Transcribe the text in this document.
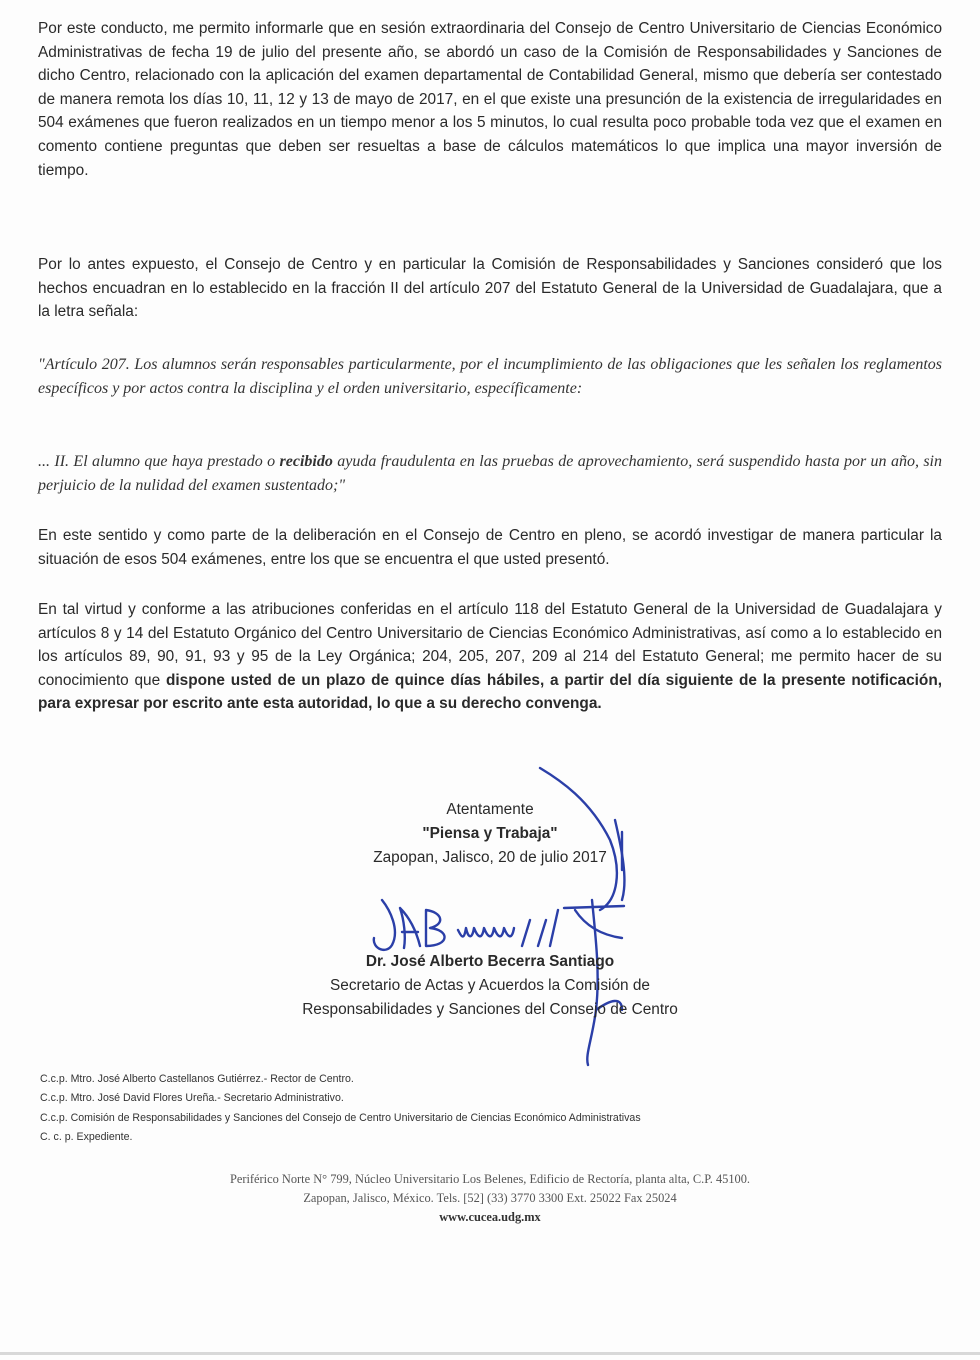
Por este conducto, me permito informarle que en sesión extraordinaria del Consejo de Centro Universitario de Ciencias Económico Administrativas de fecha 19 de julio del presente año, se abordó un caso de la Comisión de Responsabilidades y Sanciones de dicho Centro, relacionado con la aplicación del examen departamental de Contabilidad General, mismo que debería ser contestado de manera remota los días 10, 11, 12 y 13 de mayo de 2017, en el que existe una presunción de la existencia de irregularidades en 504 exámenes que fueron realizados en un tiempo menor a los 5 minutos, lo cual resulta poco probable toda vez que el examen en comento contiene preguntas que deben ser resueltas a base de cálculos matemáticos lo que implica una mayor inversión de tiempo.

Por lo antes expuesto, el Consejo de Centro y en particular la Comisión de Responsabilidades y Sanciones consideró que los hechos encuadran en lo establecido en la fracción II del artículo 207 del Estatuto General de la Universidad de Guadalajara, que a la letra señala:

"Artículo 207. Los alumnos serán responsables particularmente, por el incumplimiento de las obligaciones que les señalen los reglamentos específicos y por actos contra la disciplina y el orden universitario, específicamente:

... II. El alumno que haya prestado o recibido ayuda fraudulenta en las pruebas de aprovechamiento, será suspendido hasta por un año, sin perjuicio de la nulidad del examen sustentado;"

En este sentido y como parte de la deliberación en el Consejo de Centro en pleno, se acordó investigar de manera particular la situación de esos 504 exámenes, entre los que se encuentra el que usted presentó.

En tal virtud y conforme a las atribuciones conferidas en el artículo 118 del Estatuto General de la Universidad de Guadalajara y artículos 8 y 14 del Estatuto Orgánico del Centro Universitario de Ciencias Económico Administrativas, así como a lo establecido en los artículos 89, 90, 91, 93 y 95 de la Ley Orgánica; 204, 205, 207, 209 al 214 del Estatuto General; me permito hacer de su conocimiento que dispone usted de un plazo de quince días hábiles, a partir del día siguiente de la presente notificación, para expresar por escrito ante esta autoridad, lo que a su derecho convenga.

Atentamente

"Piensa y Trabaja"

Zapopan, Jalisco, 20 de julio 2017

Dr. José Alberto Becerra Santiago

Secretario de Actas y Acuerdos la Comisión de

Responsabilidades y Sanciones del Consejo de Centro

C.c.p. Mtro. José Alberto Castellanos Gutiérrez.- Rector de Centro.
C.c.p. Mtro. José David Flores Ureña.- Secretario Administrativo.
C.c.p. Comisión de Responsabilidades y Sanciones del Consejo de Centro Universitario de Ciencias Económico Administrativas
C. c. p. Expediente.
Periférico Norte N° 799, Núcleo Universitario Los Belenes, Edificio de Rectoría, planta alta, C.P. 45100.
Zapopan, Jalisco, México. Tels. [52] (33) 3770 3300 Ext. 25022 Fax 25024
www.cucea.udg.mx
